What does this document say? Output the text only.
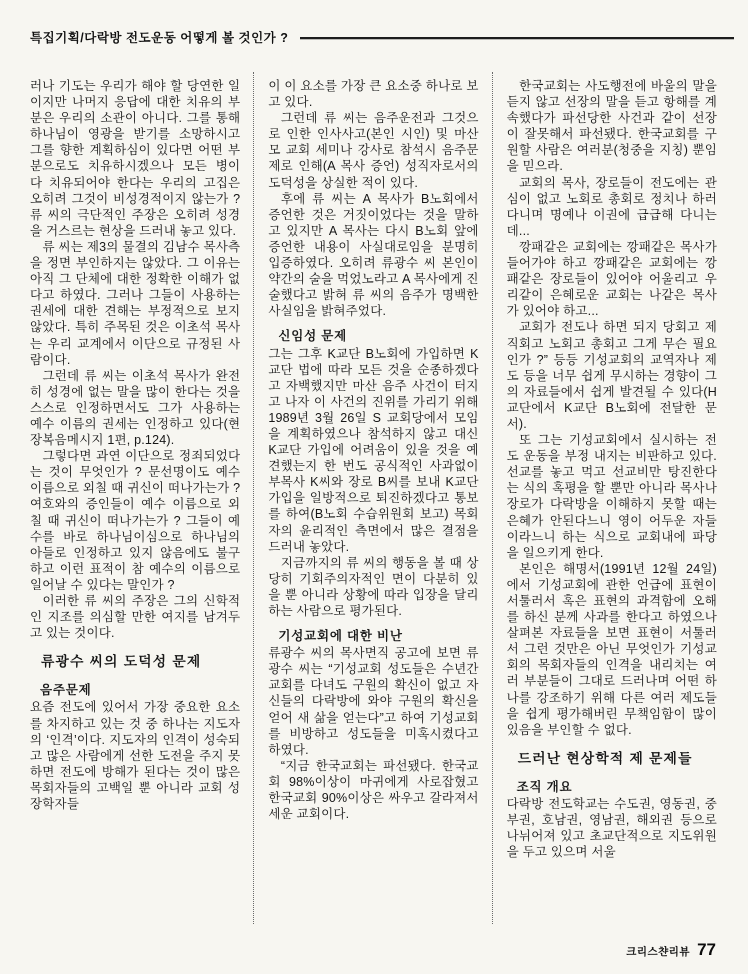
특집기획/다락방 전도운동 어떻게 볼 것인가 ?

러나 기도는 우리가 해야 할 당연한 일이지만 나머지 응답에 대한 치유의 부분은 우리의 소관이 아니다. 그를 통해 하나님이 영광을 받기를 소망하시고 그를 향한 계획하심이 있다면 어떤 부분으로도 치유하시겠으나 모든 병이 다 치유되어야 한다는 우리의 고집은 오히려 그것이 비성경적이지 않는가 ? 류 씨의 극단적인 주장은 오히려 성경을 거스르는 현상을 드러내 놓고 있다.

류 씨는 제3의 물결의 김남수 목사측을 정면 부인하지는 않았다. 그 이유는 아직 그 단체에 대한 정확한 이해가 없다고 하였다. 그러나 그들이 사용하는 권세에 대한 견해는 부정적으로 보지 않았다. 특히 주목된 것은 이초석 목사는 우리 교계에서 이단으로 규정된 사람이다.

그런데 류 씨는 이초석 목사가 완전히 성경에 없는 말을 많이 한다는 것을 스스로 인정하면서도 그가 사용하는 예수 이름의 권세는 인정하고 있다(현장복음메시지 1편, p.124).

그렇다면 과연 이단으로 정죄되었다는 것이 무엇인가 ? 문선명이도 예수 이름으로 외칠 때 귀신이 떠나가는가 ? 여호와의 증인들이 예수 이름으로 외칠 때 귀신이 떠나가는가 ? 그들이 예수를 바로 하나님이심으로 하나님의 아들로 인정하고 있지 않음에도 불구하고 이런 표적이 참 예수의 이름으로 일어날 수 있다는 말인가 ?

이러한 류 씨의 주장은 그의 신학적인 지조를 의심할 만한 여지를 남겨두고 있는 것이다.

류광수 씨의 도덕성 문제
음주문제

요즘 전도에 있어서 가장 중요한 요소를 차지하고 있는 것 중 하나는 지도자의 ‘인격’이다. 지도자의 인격이 성숙되고 많은 사람에게 선한 도전을 주지 못하면 전도에 방해가 된다는 것이 많은 목회자들의 고백일 뿐 아니라 교회 성장학자들

이 이 요소를 가장 큰 요소중 하나로 보고 있다.

그런데 류 씨는 음주운전과 그것으로 인한 인사사고(본인 시인) 및 마산 모 교회 세미나 강사로 참석시 음주문제로 인해(A 목사 증언) 성직자로서의 도덕성을 상실한 적이 있다.

후에 류 씨는 A 목사가 B노회에서 증언한 것은 거짓이었다는 것을 말하고 있지만 A 목사는 다시 B노회 앞에 증언한 내용이 사실대로임을 분명히 입증하였다. 오히려 류광수 씨 본인이 약간의 술을 먹었노라고 A 목사에게 진술했다고 밝혀 류 씨의 음주가 명백한 사실임을 밝혀주었다.

신임성 문제

그는 그후 K교단 B노회에 가입하면 K교단 법에 따라 모든 것을 순종하겠다고 자백했지만 마산 음주 사건이 터지고 나자 이 사건의 진위를 가리기 위해 1989년 3월 26일 S 교회당에서 모임을 계획하였으나 참석하지 않고 대신 K교단 가입에 어려움이 있을 것을 예견했는지 한 번도 공식적인 사과없이 부목사 K씨와 장로 B씨를 보내 K교단 가입을 일방적으로 퇴진하겠다고 통보를 하여(B노회 수습위원회 보고) 목회자의 윤리적인 측면에서 많은 결점을 드러내 놓았다.

지금까지의 류 씨의 행동을 볼 때 상당히 기회주의자적인 면이 다분히 있을 뿐 아니라 상황에 따라 입장을 달리하는 사람으로 평가된다.

기성교회에 대한 비난

류광수 씨의 목사면직 공고에 보면 류광수 씨는 “기성교회 성도들은 수년간 교회를 다녀도 구원의 확신이 없고 자신들의 다락방에 와야 구원의 확신을 얻어 새 삶을 얻는다”고 하여 기성교회를 비방하고 성도들을 미혹시켰다고 하였다.

“지금 한국교회는 파선됐다. 한국교회 98%이상이 마귀에게 사로잡혔고 한국교회 90%이상은 싸우고 갈라져서 세운 교회이다.

한국교회는 사도행전에 바울의 말을 듣지 않고 선장의 말을 듣고 항해를 계속했다가 파선당한 사건과 같이 선장이 잘못해서 파선됐다. 한국교회를 구원할 사람은 여러분(청중을 지칭) 뿐임을 믿으라.

교회의 목사, 장로들이 전도에는 관심이 없고 노회로 총회로 정치나 하러 다니며 명예나 이권에 급급해 다니는데...

깡패같은 교회에는 깡패같은 목사가 들어가야 하고 깡패같은 교회에는 깡패같은 장로들이 있어야 어울리고 우리같이 은혜로운 교회는 나같은 목사가 있어야 하고...

교회가 전도나 하면 되지 당회고 제직회고 노회고 총회고 그게 무슨 필요인가 ?” 등등 기성교회의 교역자나 제도 등을 너무 쉽게 무시하는 경향이 그의 자료들에서 쉽게 발견될 수 있다(H교단에서 K교단 B노회에 전달한 문서).

또 그는 기성교회에서 실시하는 전도 운동을 부정 내지는 비판하고 있다. 선교를 놓고 먹고 선교비만 탕진한다는 식의 혹평을 할 뿐만 아니라 목사나 장로가 다락방을 이해하지 못할 때는 은혜가 안된다느니 영이 어두운 자들이라느니 하는 식으로 교회내에 파당을 일으키게 한다.

본인은 해명서(1991년 12월 24일)에서 기성교회에 관한 언급에 표현이 서툴러서 혹은 표현의 과격함에 오해를 하신 분께 사과를 한다고 하였으나 살펴본 자료들을 보면 표현이 서툴러서 그런 것만은 아닌 무엇인가 기성교회의 목회자들의 인격을 내리치는 여러 부분들이 그대로 드러나며 어떤 하나를 강조하기 위해 다른 여러 제도들을 쉽게 평가해버린 무책임함이 많이 있음을 부인할 수 없다.

드러난 현상학적 제 문제들
조직 개요

다락방 전도학교는 수도권, 영동권, 중부권, 호남권, 영남권, 해외권 등으로 나뉘어져 있고 초교단적으로 지도위원을 두고 있으며 서울

크리스챤리뷰 77
